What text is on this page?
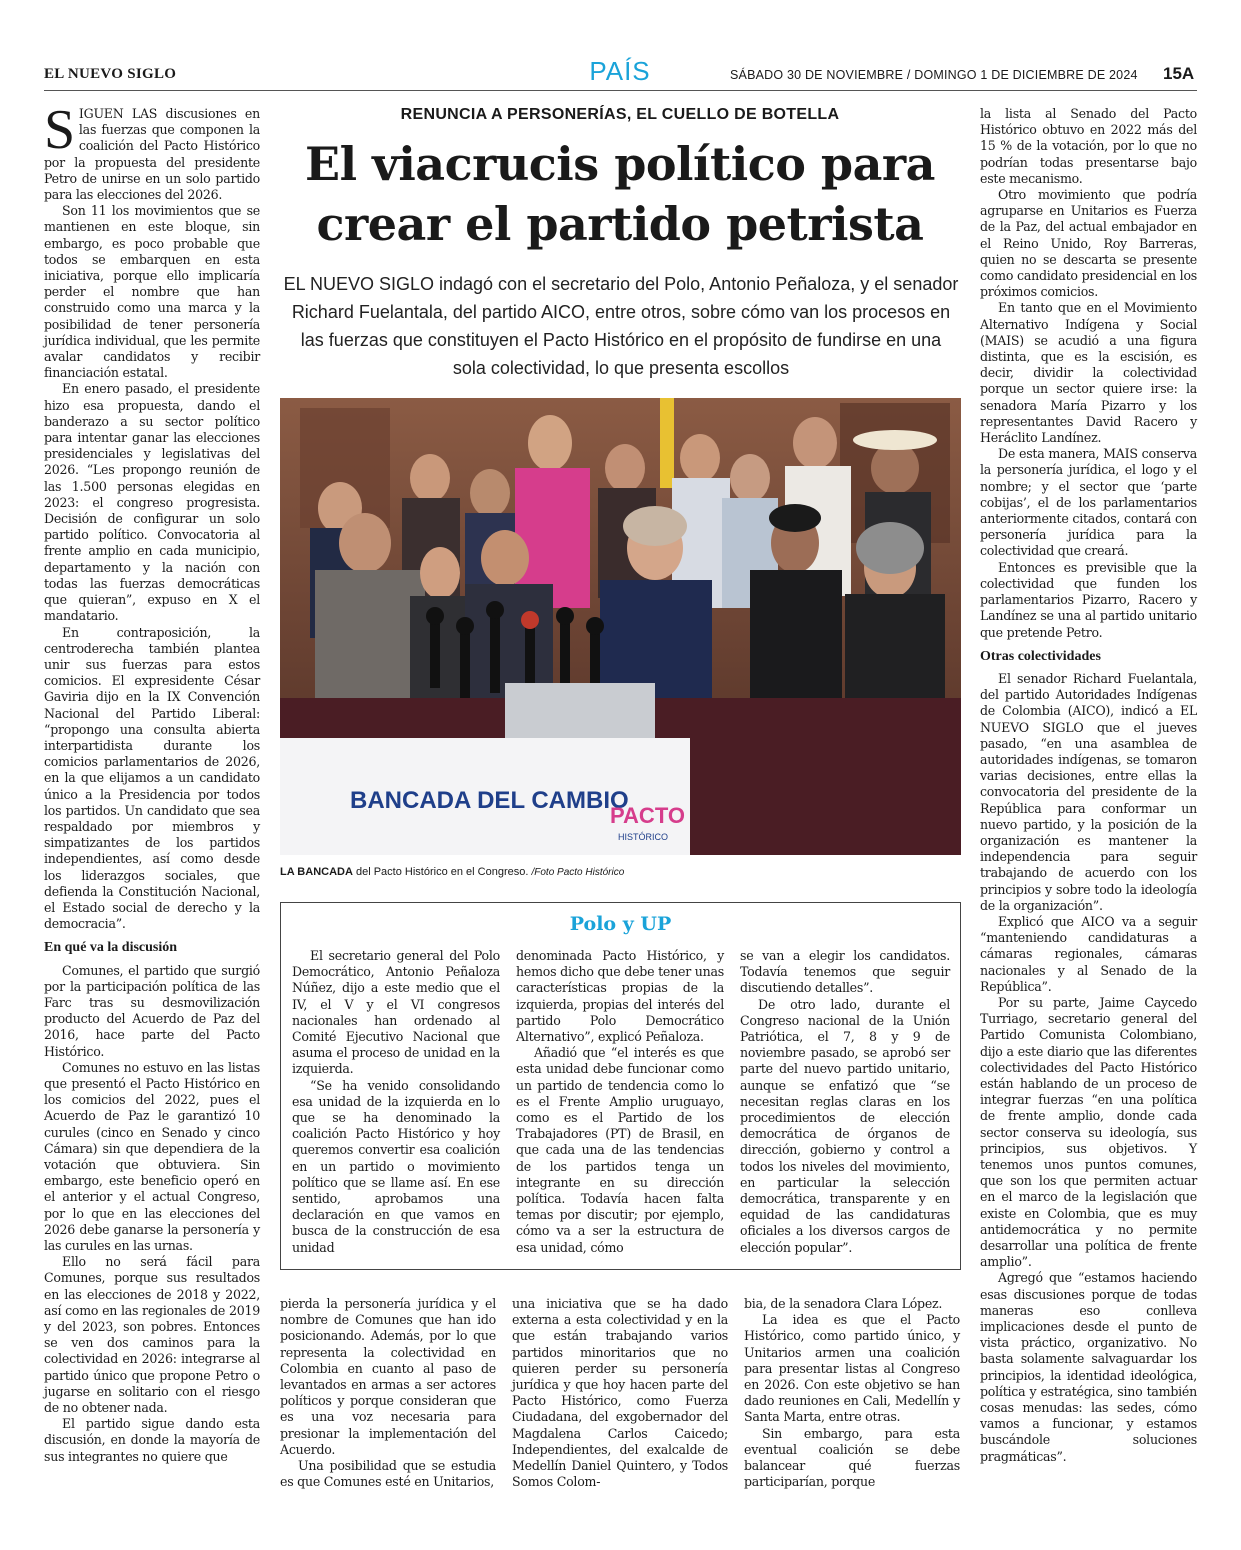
EL NUEVO SIGLO	PAÍS	SÁBADO 30 DE NOVIEMBRE / DOMINGO 1 DE DICIEMBRE DE 2024 15A

SIGUEN LAS discusiones en las fuerzas que componen la coalición del Pacto Histórico por la propuesta del presidente Petro de unirse en un solo partido para las elecciones del 2026.

Son 11 los movimientos que se mantienen en este bloque, sin embargo, es poco probable que todos se embarquen en esta iniciativa, porque ello implicaría perder el nombre que han construido como una marca y la posibilidad de tener personería jurídica individual, que les permite avalar candidatos y recibir financiación estatal.

En enero pasado, el presidente hizo esa propuesta, dando el banderazo a su sector político para intentar ganar las elecciones presidenciales y legislativas del 2026. “Les propongo reunión de las 1.500 personas elegidas en 2023: el congreso progresista. Decisión de configurar un solo partido político. Convocatoria al frente amplio en cada municipio, departamento y la nación con todas las fuerzas democráticas que quieran”, expuso en X el mandatario.

En contraposición, la centroderecha también plantea unir sus fuerzas para estos comicios. El expresidente César Gaviria dijo en la IX Convención Nacional del Partido Liberal: “propongo una consulta abierta interpartidista durante los comicios parlamentarios de 2026, en la que elijamos a un candidato único a la Presidencia por todos los partidos. Un candidato que sea respaldado por miembros y simpatizantes de los partidos independientes, así como desde los liderazgos sociales, que defienda la Constitución Nacional, el Estado social de derecho y la democracia”.

En qué va la discusión

Comunes, el partido que surgió por la participación política de las Farc tras su desmovilización producto del Acuerdo de Paz del 2016, hace parte del Pacto Histórico.

Comunes no estuvo en las listas que presentó el Pacto Histórico en los comicios del 2022, pues el Acuerdo de Paz le garantizó 10 curules (cinco en Senado y cinco Cámara) sin que dependiera de la votación que obtuviera. Sin embargo, este beneficio operó en el anterior y el actual Congreso, por lo que en las elecciones del 2026 debe ganarse la personería y las curules en las urnas.

Ello no será fácil para Comunes, porque sus resultados en las elecciones de 2018 y 2022, así como en las regionales de 2019 y del 2023, son pobres. Entonces se ven dos caminos para la colectividad en 2026: integrarse al partido único que propone Petro o jugarse en solitario con el riesgo de no obtener nada.

El partido sigue dando esta discusión, en donde la mayoría de sus integrantes no quiere que

RENUNCIA A PERSONERÍAS, EL CUELLO DE BOTELLA
El viacrucis político para crear el partido petrista
EL NUEVO SIGLO indagó con el secretario del Polo, Antonio Peñaloza, y el senador Richard Fuelantala, del partido AICO, entre otros, sobre cómo van los procesos en las fuerzas que constituyen el Pacto Histórico en el propósito de fundirse en una sola colectividad, lo que presenta escollos
BANCADA DEL CAMBIO
PACTO
HISTÓRICO
LA BANCADA del Pacto Histórico en el Congreso. /Foto Pacto Histórico
Polo y UP

El secretario general del Polo Democrático, Antonio Peñaloza Núñez, dijo a este medio que el IV, el V y el VI congresos nacionales han ordenado al Comité Ejecutivo Nacional que asuma el proceso de unidad en la izquierda.

“Se ha venido consolidando esa unidad de la izquierda en lo que se ha denominado la coalición Pacto Histórico y hoy queremos convertir esa coalición en un partido o movimiento político que se llame así. En ese sentido, aprobamos una declaración en que vamos en busca de la construcción de esa unidad

denominada Pacto Histórico, y hemos dicho que debe tener unas características propias de la izquierda, propias del interés del partido Polo Democrático Alternativo”, explicó Peñaloza.

Añadió que “el interés es que esta unidad debe funcionar como un partido de tendencia como lo es el Frente Amplio uruguayo, como es el Partido de los Trabajadores (PT) de Brasil, en que cada una de las tendencias de los partidos tenga un integrante en su dirección política. Todavía hacen falta temas por discutir; por ejemplo, cómo va a ser la estructura de esa unidad, cómo

se van a elegir los candidatos. Todavía tenemos que seguir discutiendo detalles”.

De otro lado, durante el Congreso nacional de la Unión Patriótica, el 7, 8 y 9 de noviembre pasado, se aprobó ser parte del nuevo partido unitario, aunque se enfatizó que “se necesitan reglas claras en los procedimientos de elección democrática de órganos de dirección, gobierno y control a todos los niveles del movimiento, en particular la selección democrática, transparente y en equidad de las candidaturas oficiales a los diversos cargos de elección popular”.

pierda la personería jurídica y el nombre de Comunes que han ido posicionando. Además, por lo que representa la colectividad en Colombia en cuanto al paso de levantados en armas a ser actores políticos y porque consideran que es una voz necesaria para presionar la implementación del Acuerdo.

Una posibilidad que se estudia es que Comunes esté en Unitarios,

una iniciativa que se ha dado externa a esta colectividad y en la que están trabajando varios partidos minoritarios que no quieren perder su personería jurídica y que hoy hacen parte del Pacto Histórico, como Fuerza Ciudadana, del exgobernador del Magdalena Carlos Caicedo; Independientes, del exalcalde de Medellín Daniel Quintero, y Todos Somos Colom-

bia, de la senadora Clara López.

La idea es que el Pacto Histórico, como partido único, y Unitarios armen una coalición para presentar listas al Congreso en 2026. Con este objetivo se han dado reuniones en Cali, Medellín y Santa Marta, entre otras.

Sin embargo, para esta eventual coalición se debe balancear qué fuerzas participarían, porque

la lista al Senado del Pacto Histórico obtuvo en 2022 más del 15 % de la votación, por lo que no podrían todas presentarse bajo este mecanismo.

Otro movimiento que podría agruparse en Unitarios es Fuerza de la Paz, del actual embajador en el Reino Unido, Roy Barreras, quien no se descarta se presente como candidato presidencial en los próximos comicios.

En tanto que en el Movimiento Alternativo Indígena y Social (MAIS) se acudió a una figura distinta, que es la escisión, es decir, dividir la colectividad porque un sector quiere irse: la senadora María Pizarro y los representantes David Racero y Heráclito Landínez.

De esta manera, MAIS conserva la personería jurídica, el logo y el nombre; y el sector que ‘parte cobijas’, el de los parlamentarios anteriormente citados, contará con personería jurídica para la colectividad que creará.

Entonces es previsible que la colectividad que funden los parlamentarios Pizarro, Racero y Landínez se una al partido unitario que pretende Petro.

Otras colectividades

El senador Richard Fuelantala, del partido Autoridades Indígenas de Colombia (AICO), indicó a EL NUEVO SIGLO que el jueves pasado, “en una asamblea de autoridades indígenas, se tomaron varias decisiones, entre ellas la convocatoria del presidente de la República para conformar un nuevo partido, y la posición de la organización es mantener la independencia para seguir trabajando de acuerdo con los principios y sobre todo la ideología de la organización”.

Explicó que AICO va a seguir “manteniendo candidaturas a cámaras regionales, cámaras nacionales y al Senado de la República”.

Por su parte, Jaime Caycedo Turriago, secretario general del Partido Comunista Colombiano, dijo a este diario que las diferentes colectividades del Pacto Histórico están hablando de un proceso de integrar fuerzas “en una política de frente amplio, donde cada sector conserva su ideología, sus principios, sus objetivos. Y tenemos unos puntos comunes, que son los que permiten actuar en el marco de la legislación que existe en Colombia, que es muy antidemocrática y no permite desarrollar una política de frente amplio”.

Agregó que “estamos haciendo esas discusiones porque de todas maneras eso conlleva implicaciones desde el punto de vista práctico, organizativo. No basta solamente salvaguardar los principios, la identidad ideológica, política y estratégica, sino también cosas menudas: las sedes, cómo vamos a funcionar, y estamos buscándole soluciones pragmáticas”.
